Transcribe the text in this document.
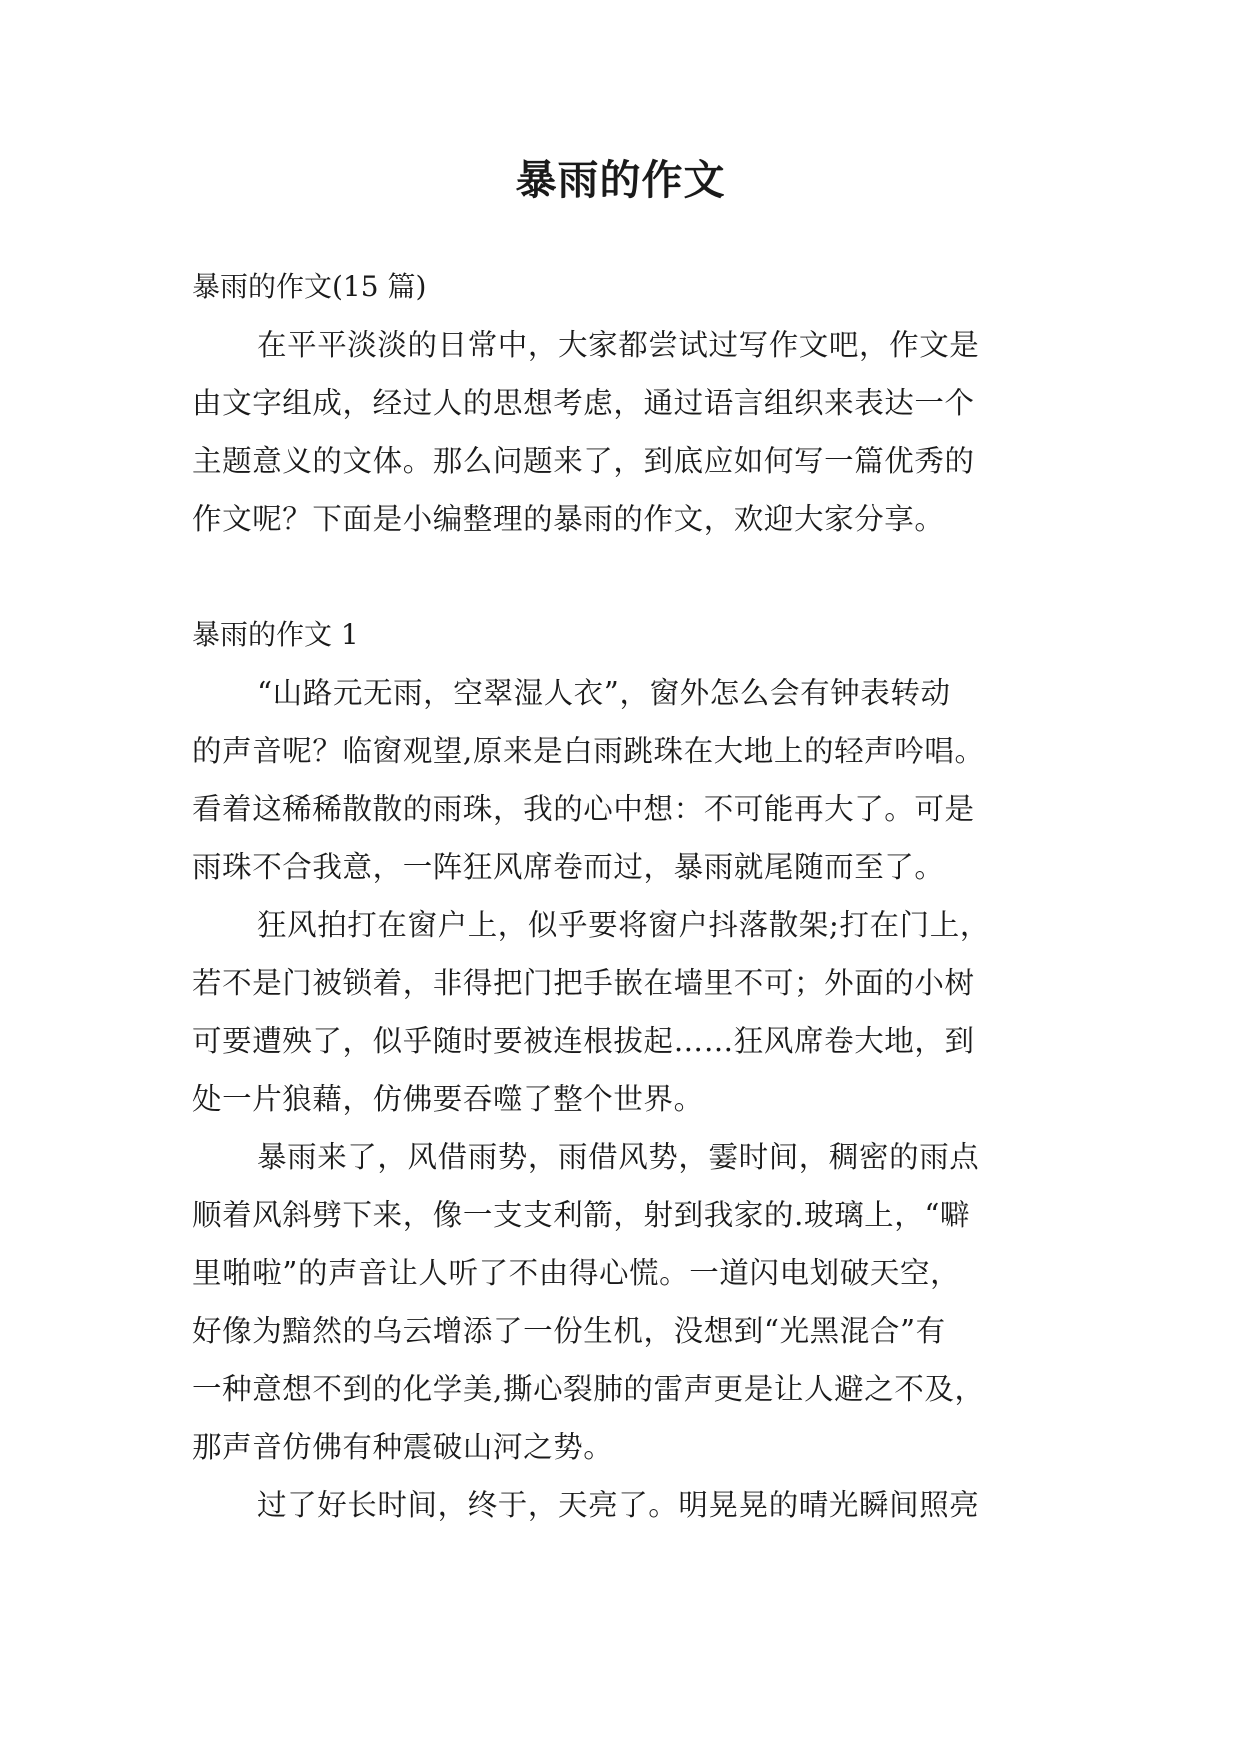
暴雨的作文

暴雨的作文(15 篇)

在平平淡淡的日常中，大家都尝试过写作文吧，作文是
由文字组成，经过人的思想考虑，通过语言组织来表达一个
主题意义的文体。那么问题来了，到底应如何写一篇优秀的
作文呢？下面是小编整理的暴雨的作文，欢迎大家分享。

暴雨的作文 1

“山路元无雨，空翠湿人衣”，窗外怎么会有钟表转动
的声音呢？临窗观望,原来是白雨跳珠在大地上的轻声吟唱。
看着这稀稀散散的雨珠，我的心中想：不可能再大了。可是
雨珠不合我意，一阵狂风席卷而过，暴雨就尾随而至了。

狂风拍打在窗户上，似乎要将窗户抖落散架;打在门上，
若不是门被锁着，非得把门把手嵌在墙里不可；外面的小树
可要遭殃了，似乎随时要被连根拔起……狂风席卷大地，到
处一片狼藉，仿佛要吞噬了整个世界。

暴雨来了，风借雨势，雨借风势，霎时间，稠密的雨点
顺着风斜劈下来，像一支支利箭，射到我家的.玻璃上，“噼
里啪啦”的声音让人听了不由得心慌。一道闪电划破天空，
好像为黯然的乌云增添了一份生机，没想到“光黑混合”有
一种意想不到的化学美,撕心裂肺的雷声更是让人避之不及，
那声音仿佛有种震破山河之势。

过了好长时间，终于，天亮了。明晃晃的晴光瞬间照亮
